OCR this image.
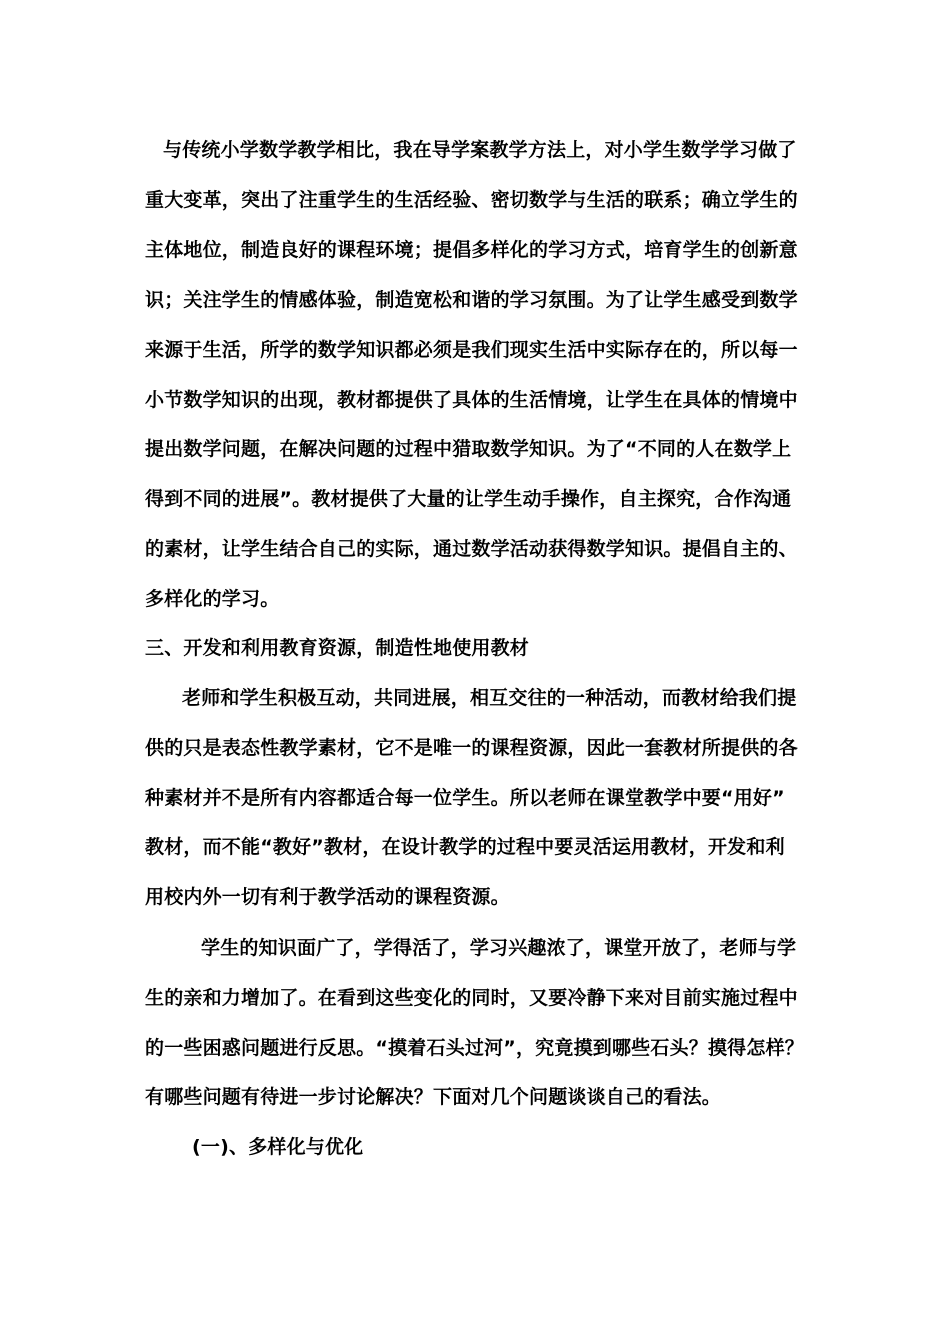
与传统小学数学教学相比，我在导学案教学方法上，对小学生数学学习做了

重大变革，突出了注重学生的生活经验、密切数学与生活的联系；确立学生的

主体地位，制造良好的课程环境；提倡多样化的学习方式，培育学生的创新意

识；关注学生的情感体验，制造宽松和谐的学习氛围。为了让学生感受到数学

来源于生活，所学的数学知识都必须是我们现实生活中实际存在的，所以每一

小节数学知识的出现，教材都提供了具体的生活情境，让学生在具体的情境中

提出数学问题，在解决问题的过程中猎取数学知识。为了“不同的人在数学上

得到不同的进展”。教材提供了大量的让学生动手操作，自主探究，合作沟通

的素材，让学生结合自己的实际，通过数学活动获得数学知识。提倡自主的、

多样化的学习。

三、开发和利用教育资源，制造性地使用教材

老师和学生积极互动，共同进展，相互交往的一种活动，而教材给我们提

供的只是表态性教学素材，它不是唯一的课程资源，因此一套教材所提供的各

种素材并不是所有内容都适合每一位学生。所以老师在课堂教学中要“用好”

教材，而不能“教好”教材，在设计教学的过程中要灵活运用教材，开发和利

用校内外一切有利于教学活动的课程资源。

学生的知识面广了，学得活了，学习兴趣浓了，课堂开放了，老师与学

生的亲和力增加了。在看到这些变化的同时，又要冷静下来对目前实施过程中

的一些困惑问题进行反思。“摸着石头过河”，究竟摸到哪些石头？摸得怎样？

有哪些问题有待进一步讨论解决？下面对几个问题谈谈自己的看法。

(一)、多样化与优化
